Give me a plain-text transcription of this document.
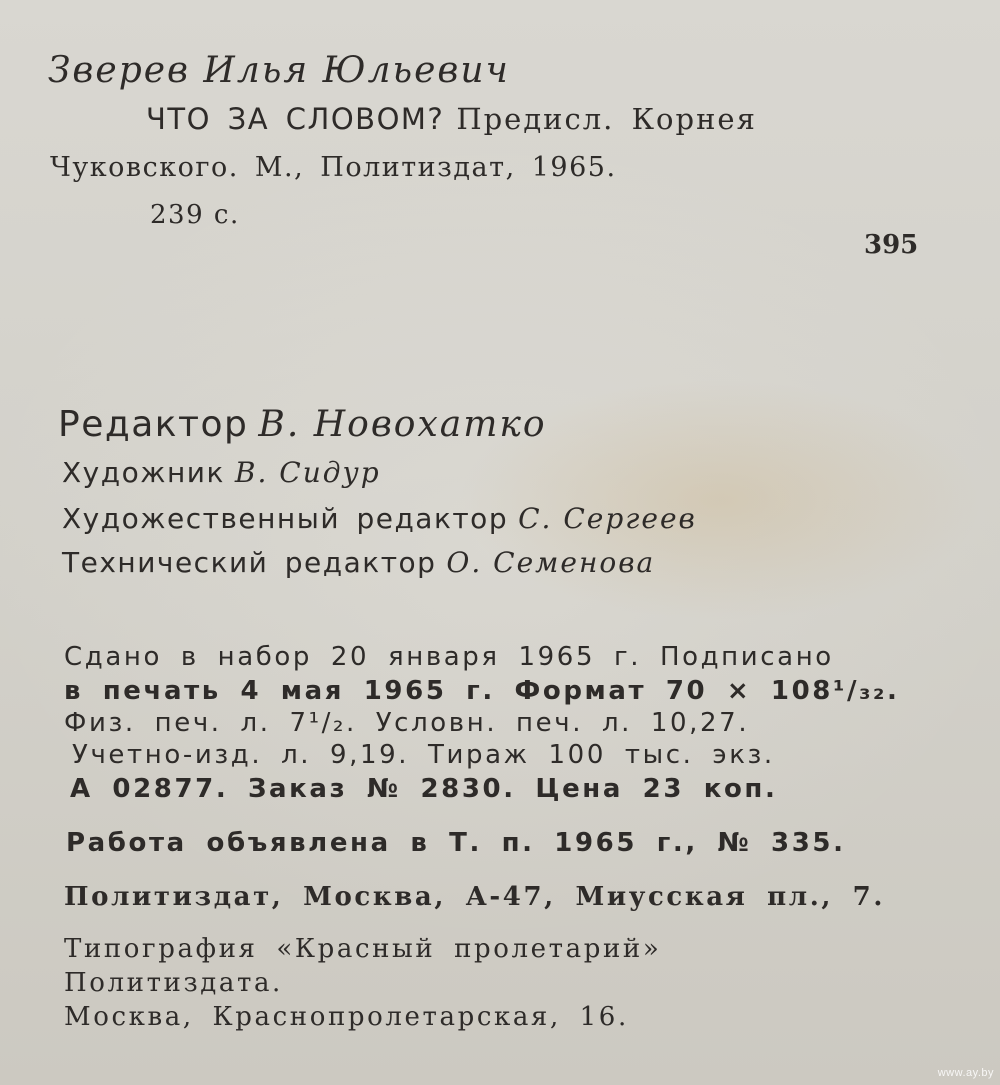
Зверев Илья Юльевич
ЧТО ЗА СЛОВОМ? Предисл. Корнея
Чуковского. М., Политиздат, 1965.
239 с.
395
Редактор В. Новохатко
Художник В. Сидур
Художественный редактор С. Сергеев
Технический редактор О. Семенова
Сдано в набор 20 января 1965 г. Подписано
в печать 4 мая 1965 г. Формат 70 × 108¹/₃₂.
Физ. печ. л. 7¹/₂. Условн. печ. л. 10,27.
Учетно-изд. л. 9,19. Тираж 100 тыс. экз.
А 02877. Заказ № 2830. Цена 23 коп.
Работа объявлена в Т. п. 1965 г., № 335.
Политиздат, Москва, А-47, Миусская пл., 7.
Типография «Красный пролетарий»
Политиздата.
Москва, Краснопролетарская, 16.
www.ay.by
